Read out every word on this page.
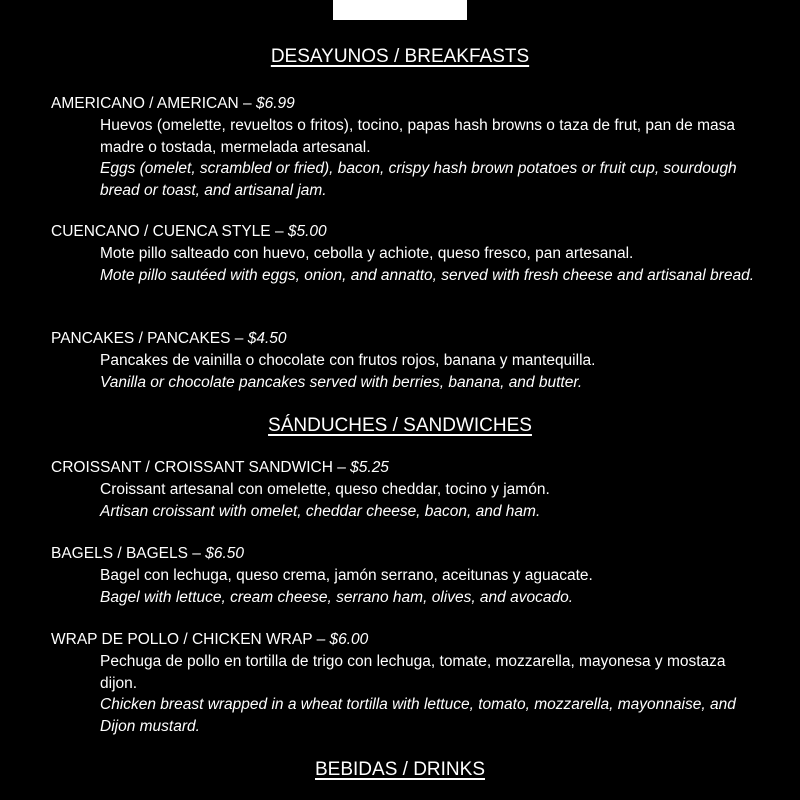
DESAYUNOS / BREAKFASTS
AMERICANO / AMERICAN – $6.99
Huevos (omelette, revueltos o fritos), tocino, papas hash browns o taza de frut, pan de masa madre o tostada, mermelada artesanal.
Eggs (omelet, scrambled or fried), bacon, crispy hash brown potatoes or fruit cup, sourdough bread or toast, and artisanal jam.
CUENCANO / CUENCA STYLE – $5.00
Mote pillo salteado con huevo, cebolla y achiote, queso fresco, pan artesanal.
Mote pillo sautéed with eggs, onion, and annatto, served with fresh cheese and artisanal bread.
PANCAKES / PANCAKES – $4.50
Pancakes de vainilla o chocolate con frutos rojos, banana y mantequilla.
Vanilla or chocolate pancakes served with berries, banana, and butter.
SÁNDUCHES / SANDWICHES
CROISSANT / CROISSANT SANDWICH – $5.25
Croissant artesanal con omelette, queso cheddar, tocino y jamón.
Artisan croissant with omelet, cheddar cheese, bacon, and ham.
BAGELS / BAGELS – $6.50
Bagel con lechuga, queso crema, jamón serrano, aceitunas y aguacate.
Bagel with lettuce, cream cheese, serrano ham, olives, and avocado.
WRAP DE POLLO / CHICKEN WRAP – $6.00
Pechuga de pollo en tortilla de trigo con lechuga, tomate, mozzarella, mayonesa y mostaza dijon.
Chicken breast wrapped in a wheat tortilla with lettuce, tomato, mozzarella, mayonnaise, and Dijon mustard.
BEBIDAS / DRINKS
